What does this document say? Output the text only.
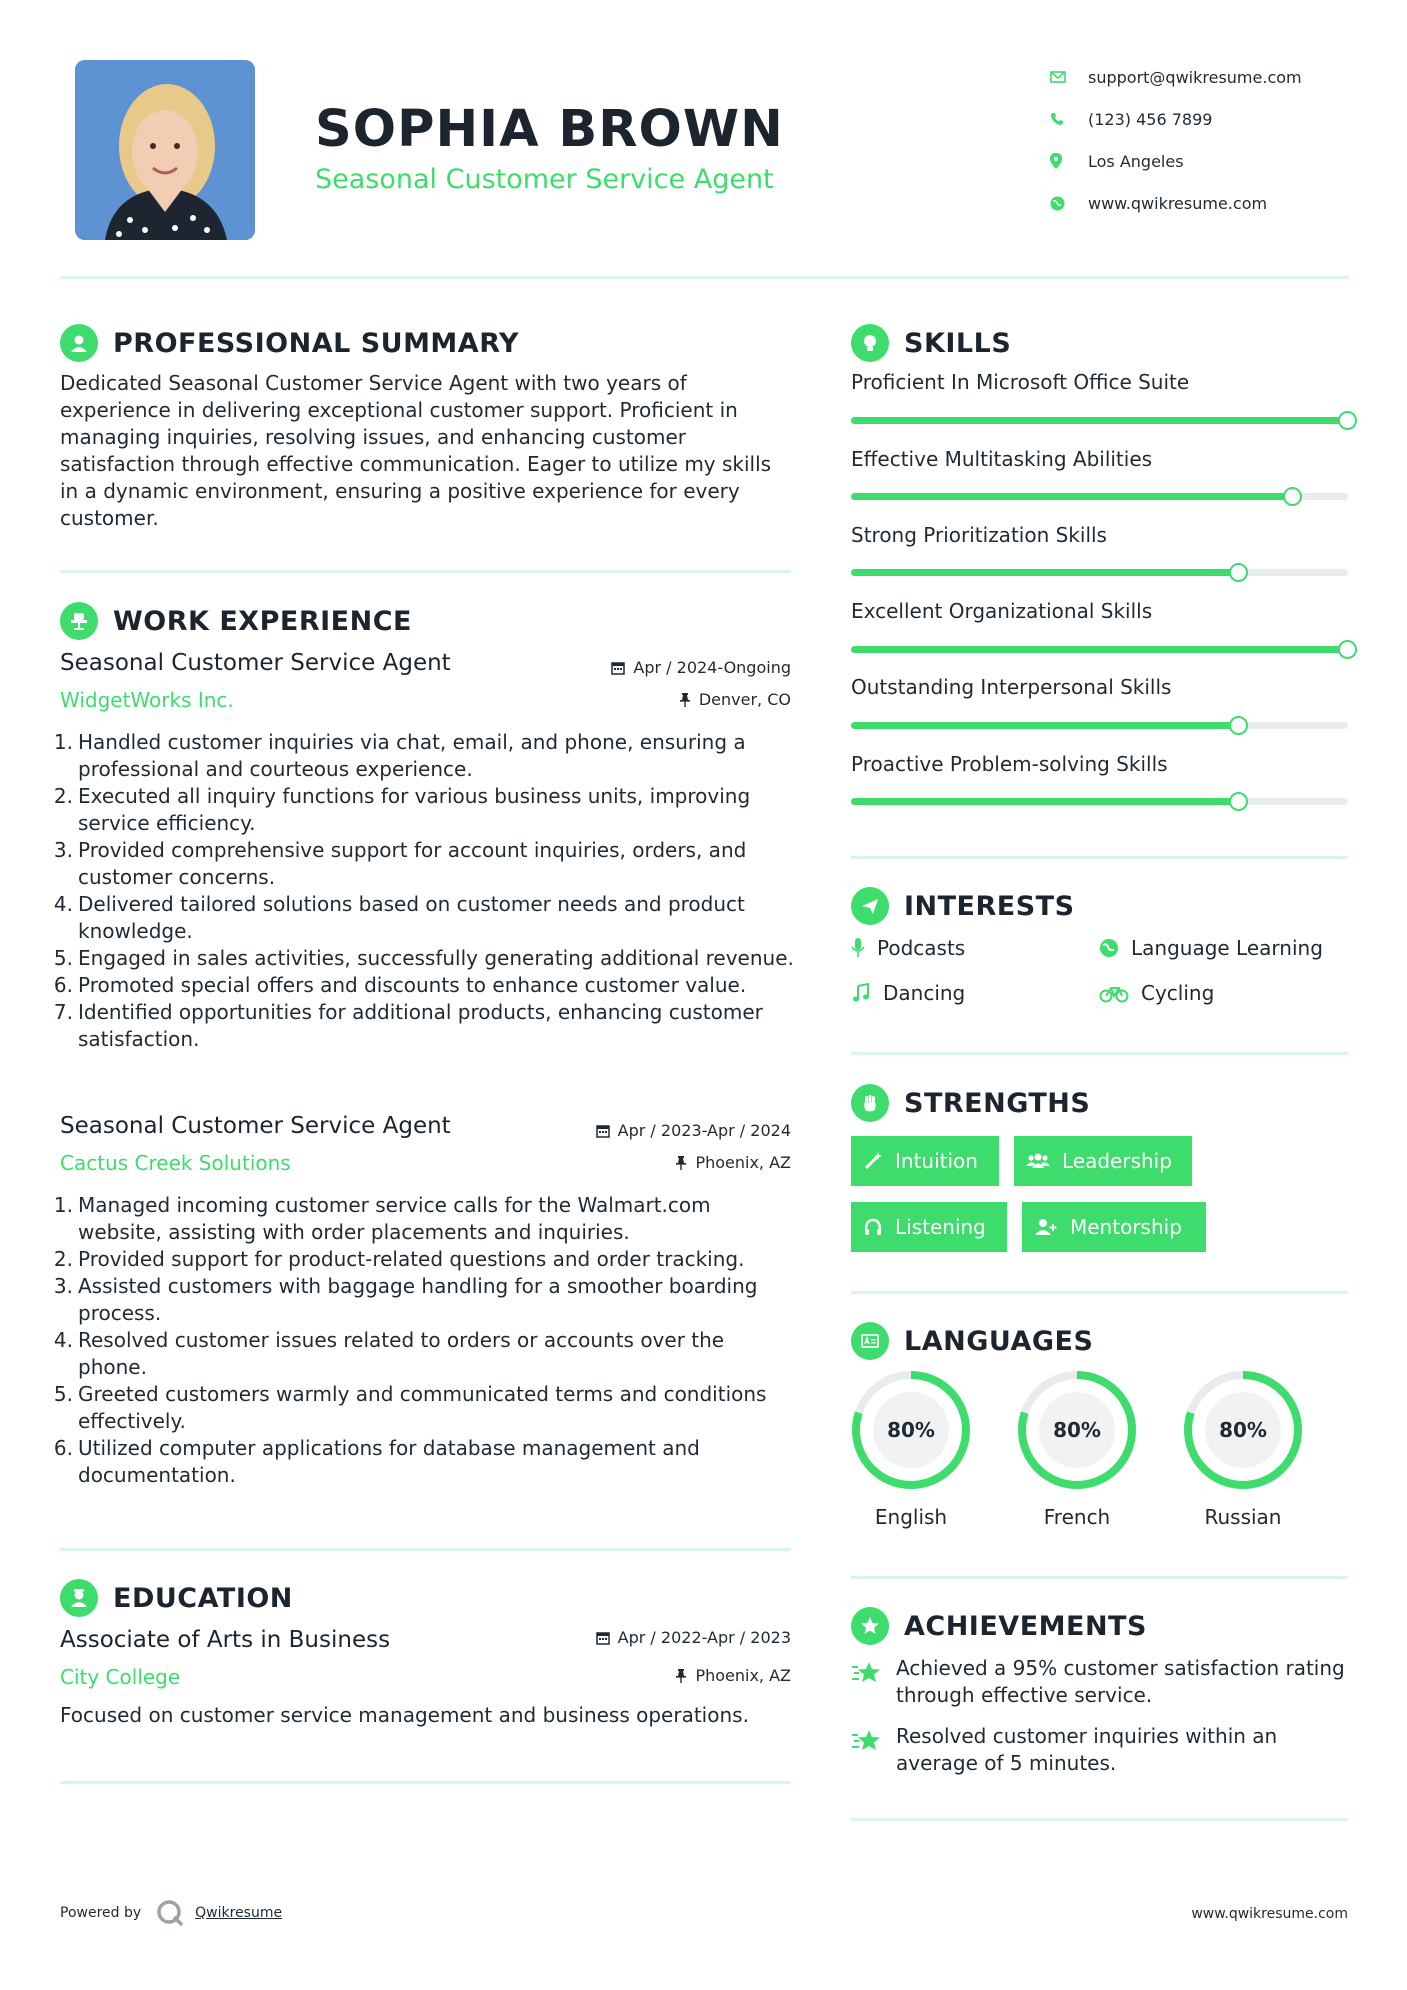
SOPHIA BROWN
Seasonal Customer Service Agent
support@qwikresume.com
(123) 456 7899
Los Angeles
www.qwikresume.com
PROFESSIONAL SUMMARY
Dedicated Seasonal Customer Service Agent with two years of experience in delivering exceptional customer support. Proficient in managing inquiries, resolving issues, and enhancing customer satisfaction through effective communication. Eager to utilize my skills in a dynamic environment, ensuring a positive experience for every customer.
WORK EXPERIENCE
Seasonal Customer Service Agent
WidgetWorks Inc.
Apr / 2024-Ongoing
Denver, CO
1. Handled customer inquiries via chat, email, and phone, ensuring a professional and courteous experience.
2. Executed all inquiry functions for various business units, improving service efficiency.
3. Provided comprehensive support for account inquiries, orders, and customer concerns.
4. Delivered tailored solutions based on customer needs and product knowledge.
5. Engaged in sales activities, successfully generating additional revenue.
6. Promoted special offers and discounts to enhance customer value.
7. Identified opportunities for additional products, enhancing customer satisfaction.
Seasonal Customer Service Agent
Cactus Creek Solutions
Apr / 2023-Apr / 2024
Phoenix, AZ
1. Managed incoming customer service calls for the Walmart.com website, assisting with order placements and inquiries.
2. Provided support for product-related questions and order tracking.
3. Assisted customers with baggage handling for a smoother boarding process.
4. Resolved customer issues related to orders or accounts over the phone.
5. Greeted customers warmly and communicated terms and conditions effectively.
6. Utilized computer applications for database management and documentation.
EDUCATION
Associate of Arts in Business
City College
Apr / 2022-Apr / 2023
Phoenix, AZ
Focused on customer service management and business operations.
SKILLS
Proficient In Microsoft Office Suite
Effective Multitasking Abilities
Strong Prioritization Skills
Excellent Organizational Skills
Outstanding Interpersonal Skills
Proactive Problem-solving Skills
INTERESTS
Podcasts	Language Learning
Dancing	Cycling
STRENGTHS
Intuition	Leadership
Listening	Mentorship
LANGUAGES
80%
English
80%
French
80%
Russian
ACHIEVEMENTS
Achieved a 95% customer satisfaction rating through effective service.
Resolved customer inquiries within an average of 5 minutes.
Powered by	Qwikresume	www.qwikresume.com
